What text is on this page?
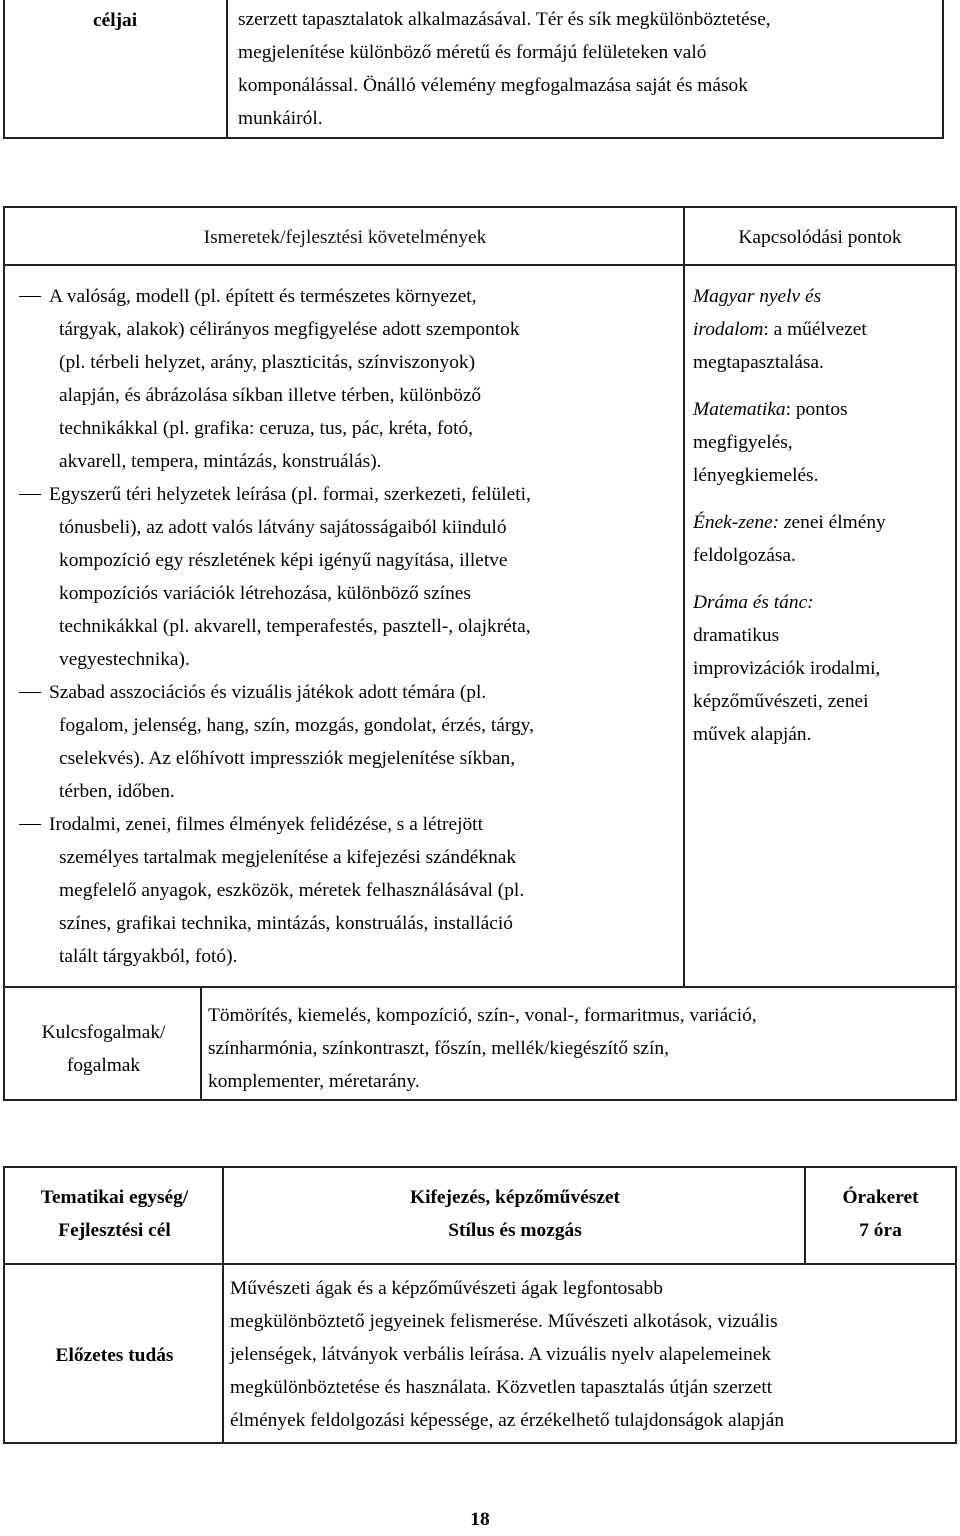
céljai	szerzett tapasztalatok alkalmazásával. Tér és sík megkülönböztetése,
megjelenítése különböző méretű és formájú felületeken való
komponálással. Önálló vélemény megfogalmazása saját és mások
munkáiról.
Ismeretek/fejlesztési követelmények	Kapcsolódási pontok
A valóság, modell (pl. épített és természetes környezet,
tárgyak, alakok) célirányos megfigyelése adott szempontok
(pl. térbeli helyzet, arány, plaszticitás, színviszonyok)
alapján, és ábrázolása síkban illetve térben, különböző
technikákkal (pl. grafika: ceruza, tus, pác, kréta, fotó,
akvarell, tempera, mintázás, konstruálás).
Egyszerű téri helyzetek leírása (pl. formai, szerkezeti, felületi,
tónusbeli), az adott valós látvány sajátosságaiból kiinduló
kompozíció egy részletének képi igényű nagyítása, illetve
kompozíciós variációk létrehozása, különböző színes
technikákkal (pl. akvarell, temperafestés, pasztell-, olajkréta,
vegyestechnika).
Szabad asszociációs és vizuális játékok adott témára (pl.
fogalom, jelenség, hang, szín, mozgás, gondolat, érzés, tárgy,
cselekvés). Az előhívott impressziók megjelenítése síkban,
térben, időben.
Irodalmi, zenei, filmes élmények felidézése, s a létrejött
személyes tartalmak megjelenítése a kifejezési szándéknak
megfelelő anyagok, eszközök, méretek felhasználásával (pl.
színes, grafikai technika, mintázás, konstruálás, installáció
talált tárgyakból, fotó).

Magyar nyelv és
irodalom: a műélvezet
megtapasztalása.

Matematika: pontos
megfigyelés,
lényegkiemelés.

Ének-zene: zenei élmény
feldolgozása.

Dráma és tánc:
dramatikus
improvizációk irodalmi,
képzőművészeti, zenei
művek alapján.

Kulcsfogalmak/
fogalmak
Tömörítés, kiemelés, kompozíció, szín-, vonal-, formaritmus, variáció,
színharmónia, színkontraszt, főszín, mellék/kiegészítő szín,
komplementer, méretarány.
Tematikai egység/
Fejlesztési cél
Kifejezés, képzőművészet
Stílus és mozgás
Órakeret
7 óra
Előzetes tudás
Művészeti ágak és a képzőművészeti ágak legfontosabb
megkülönböztető jegyeinek felismerése. Művészeti alkotások, vizuális
jelenségek, látványok verbális leírása. A vizuális nyelv alapelemeinek
megkülönböztetése és használata. Közvetlen tapasztalás útján szerzett
élmények feldolgozási képessége, az érzékelhető tulajdonságok alapján
18
